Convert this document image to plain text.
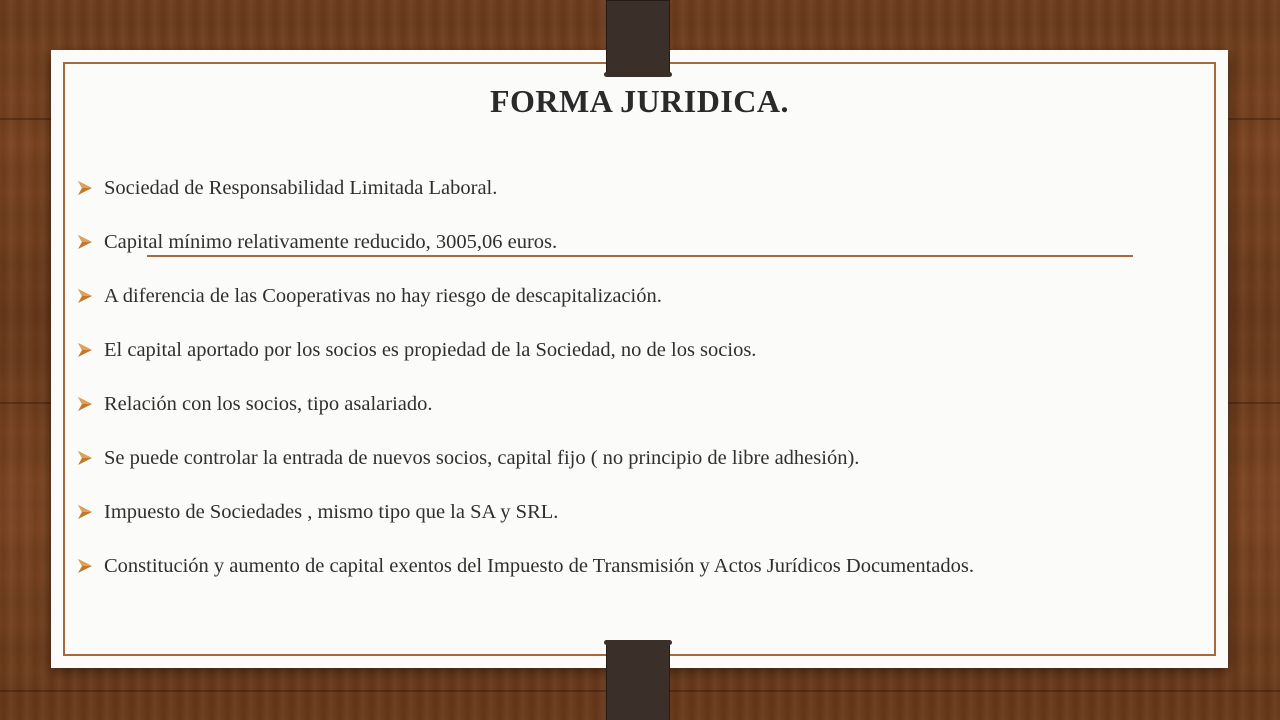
FORMA JURIDICA.
Sociedad de Responsabilidad Limitada Laboral.
Capital mínimo relativamente reducido, 3005,06 euros.
A diferencia de las Cooperativas no hay riesgo de descapitalización.
El capital aportado por los socios es propiedad de la Sociedad, no de los socios.
Relación con los socios, tipo asalariado.
Se puede controlar la entrada de nuevos socios, capital fijo ( no principio de libre adhesión).
Impuesto de Sociedades , mismo tipo que la SA y SRL.
Constitución y aumento de capital exentos del Impuesto de Transmisión y Actos Jurídicos Documentados.
